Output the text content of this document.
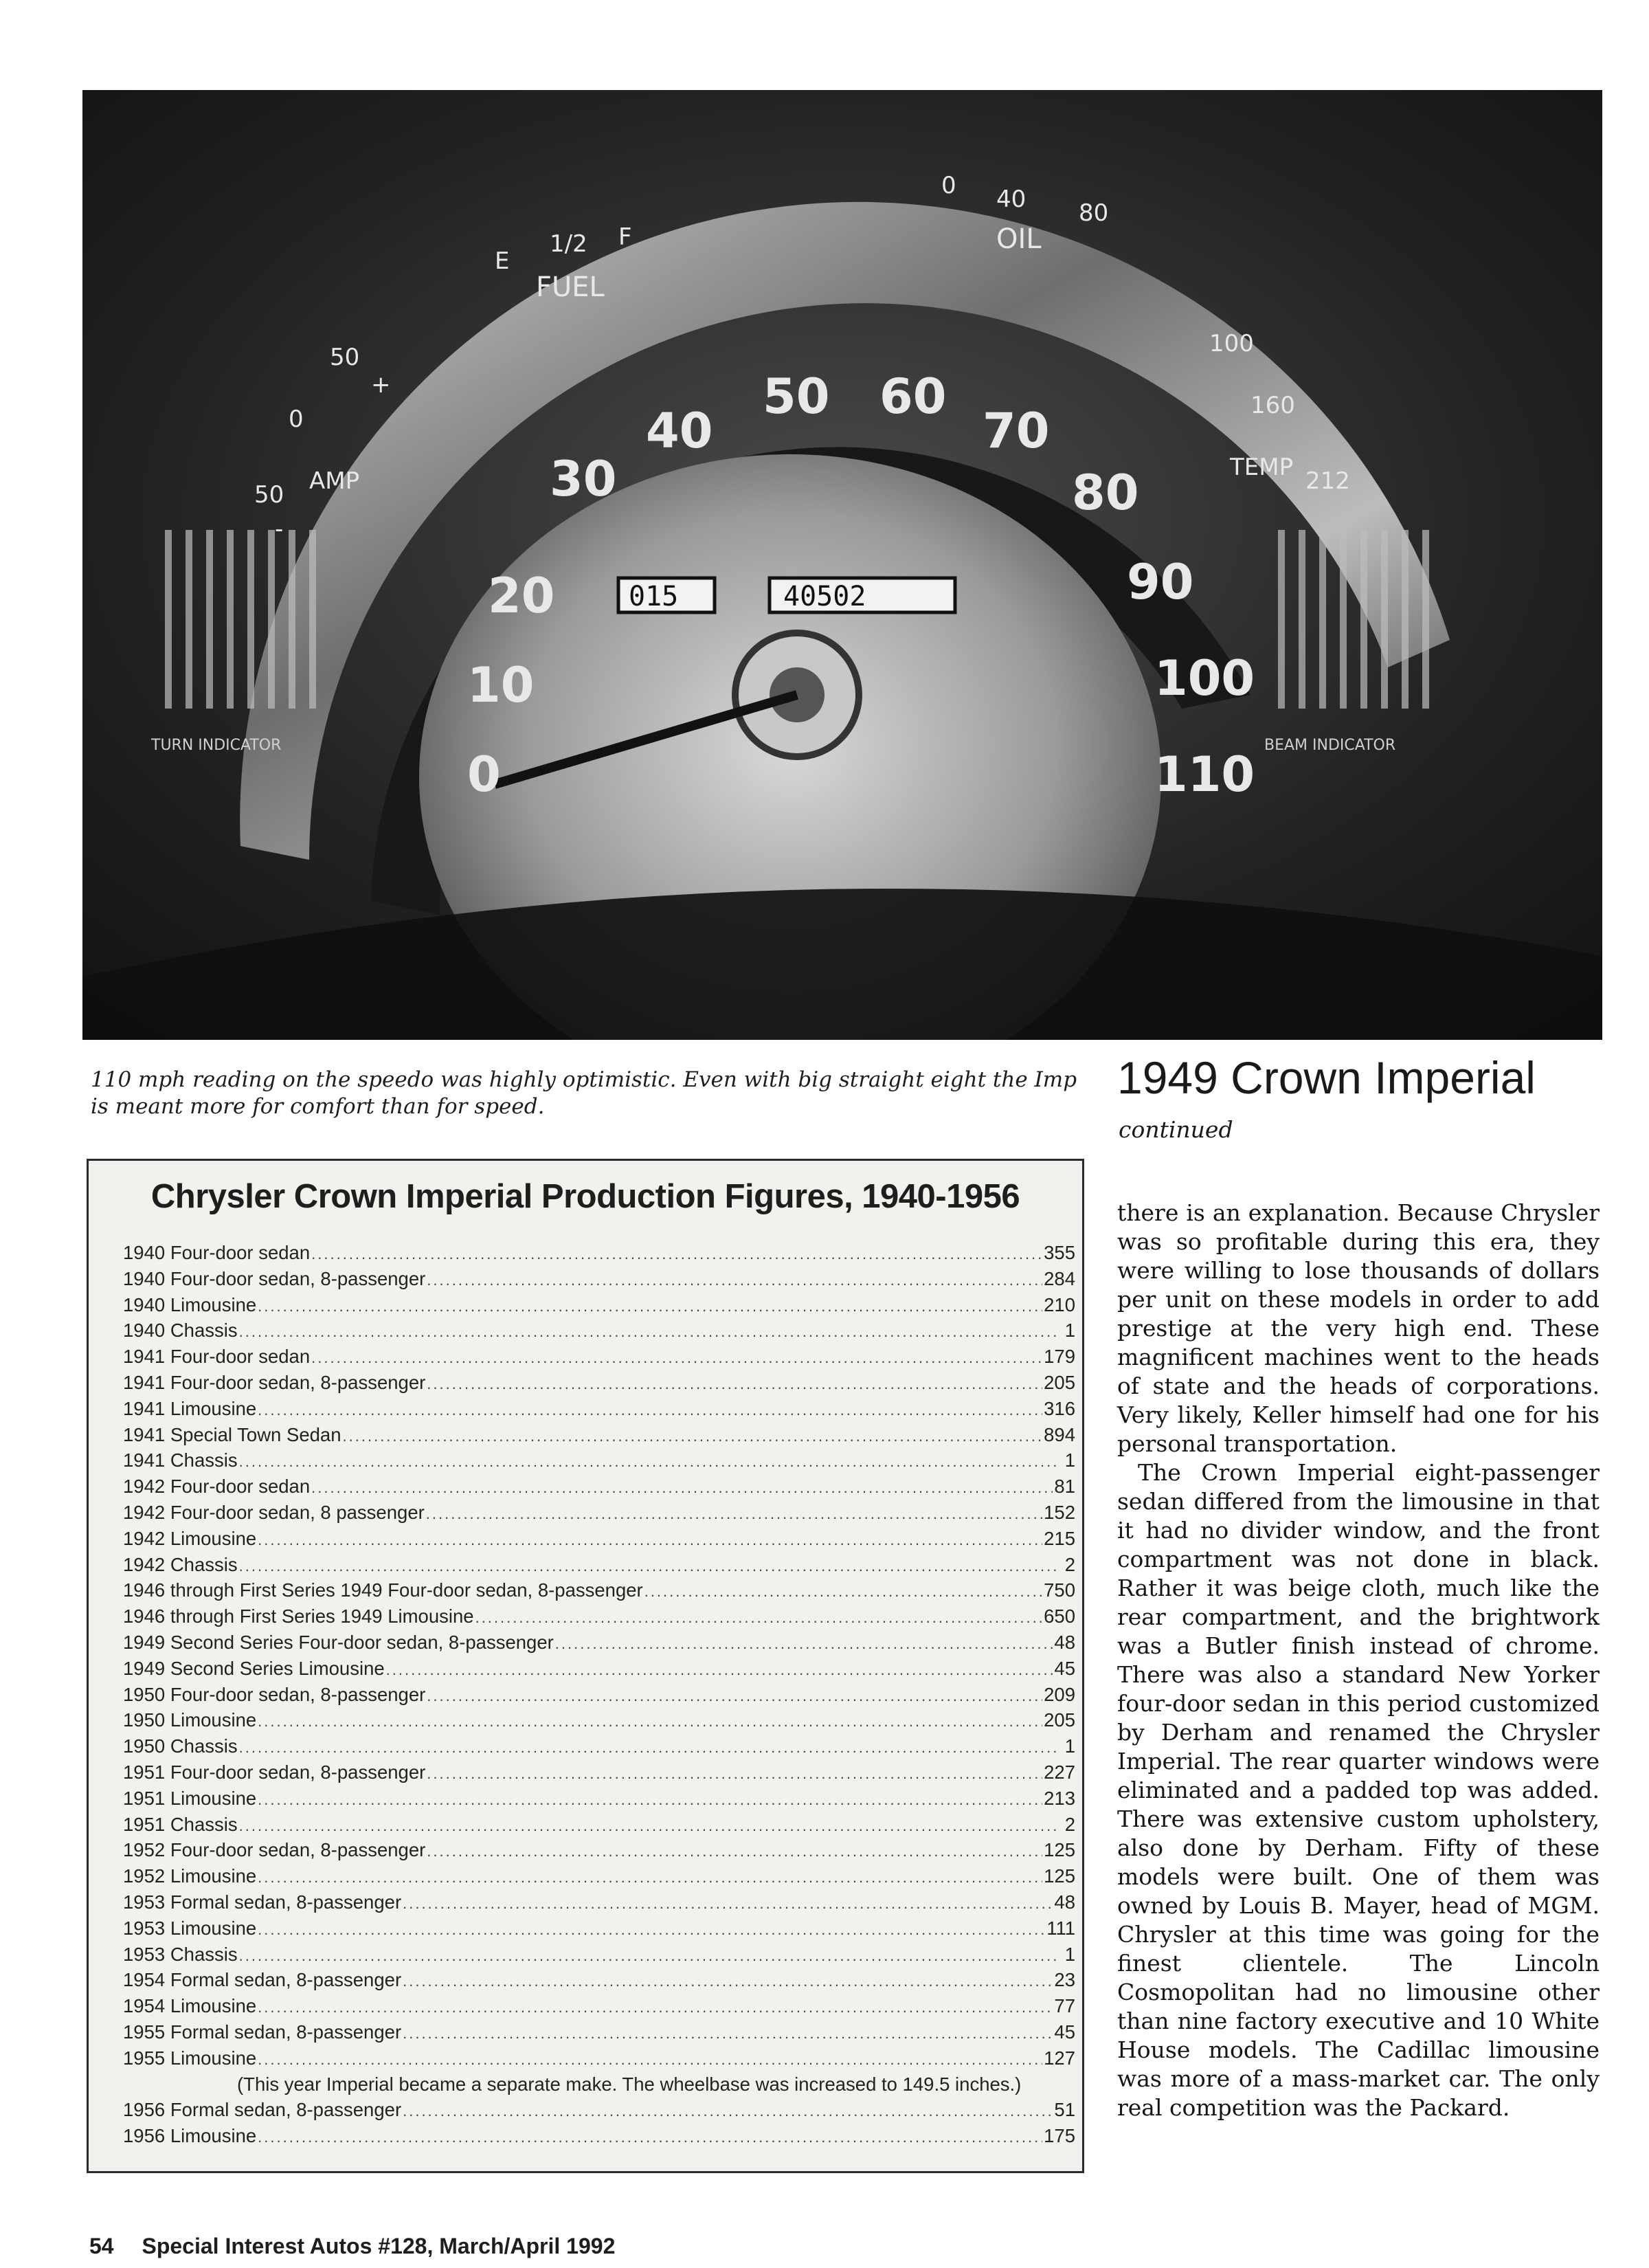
E
1/2 F
FUEL
0 40 80
OIL
50
0
50
AMP
-
+
100
160
212
TEMP
0
10
20
30
40
50 60
70
80
90
100
110
015	40502
TURN INDICATOR	BEAM INDICATOR
110 mph reading on the speedo was highly optimistic. Even with big straight eight the Imp is meant more for comfort than for speed.
1949 Crown Imperial
continued
Chrysler Crown Imperial Production Figures, 1940-1956
1940 Four-door sedan .....	355
1940 Four-door sedan, 8-passenger .....	284
1940 Limousine .....	210
1940 Chassis .....	1
1941 Four-door sedan .....	179
1941 Four-door sedan, 8-passenger .....	205
1941 Limousine .....	316
1941 Special Town Sedan .....	894
1941 Chassis .....	1
1942 Four-door sedan .....	81
1942 Four-door sedan, 8 passenger .....	152
1942 Limousine .....	215
1942 Chassis .....	2
1946 through First Series 1949 Four-door sedan, 8-passenger .....	750
1946 through First Series 1949 Limousine .....	650
1949 Second Series Four-door sedan, 8-passenger .....	48
1949 Second Series Limousine .....	45
1950 Four-door sedan, 8-passenger .....	209
1950 Limousine .....	205
1950 Chassis .....	1
1951 Four-door sedan, 8-passenger .....	227
1951 Limousine .....	213
1951 Chassis .....	2
1952 Four-door sedan, 8-passenger .....	125
1952 Limousine .....	125
1953 Formal sedan, 8-passenger .....	48
1953 Limousine .....	111
1953 Chassis .....	1
1954 Formal sedan, 8-passenger .....	23
1954 Limousine .....	77
1955 Formal sedan, 8-passenger .....	45
1955 Limousine .....	127
(This year Imperial became a separate make. The wheelbase was increased to 149.5 inches.)
1956 Formal sedan, 8-passenger .....	51
1956 Limousine .....	175

there is an explanation. Because Chrysler was so profitable during this era, they were willing to lose thousands of dollars per unit on these models in order to add prestige at the very high end. These magnificent machines went to the heads of state and the heads of corporations. Very likely, Keller himself had one for his personal transportation.

The Crown Imperial eight-passenger sedan differed from the limousine in that it had no divider window, and the front compartment was not done in black. Rather it was beige cloth, much like the rear compartment, and the brightwork was a Butler finish instead of chrome. There was also a standard New Yorker four-door sedan in this period customized by Derham and renamed the Chrysler Imperial. The rear quarter windows were eliminated and a padded top was added. There was extensive custom upholstery, also done by Derham. Fifty of these models were built. One of them was owned by Louis B. Mayer, head of MGM. Chrysler at this time was going for the finest clientele. The Lincoln Cosmopolitan had no limousine other than nine factory executive and 10 White House models. The Cadillac limousine was more of a mass-market car. The only real competition was the Packard.

54 Special Interest Autos #128, March/April 1992
